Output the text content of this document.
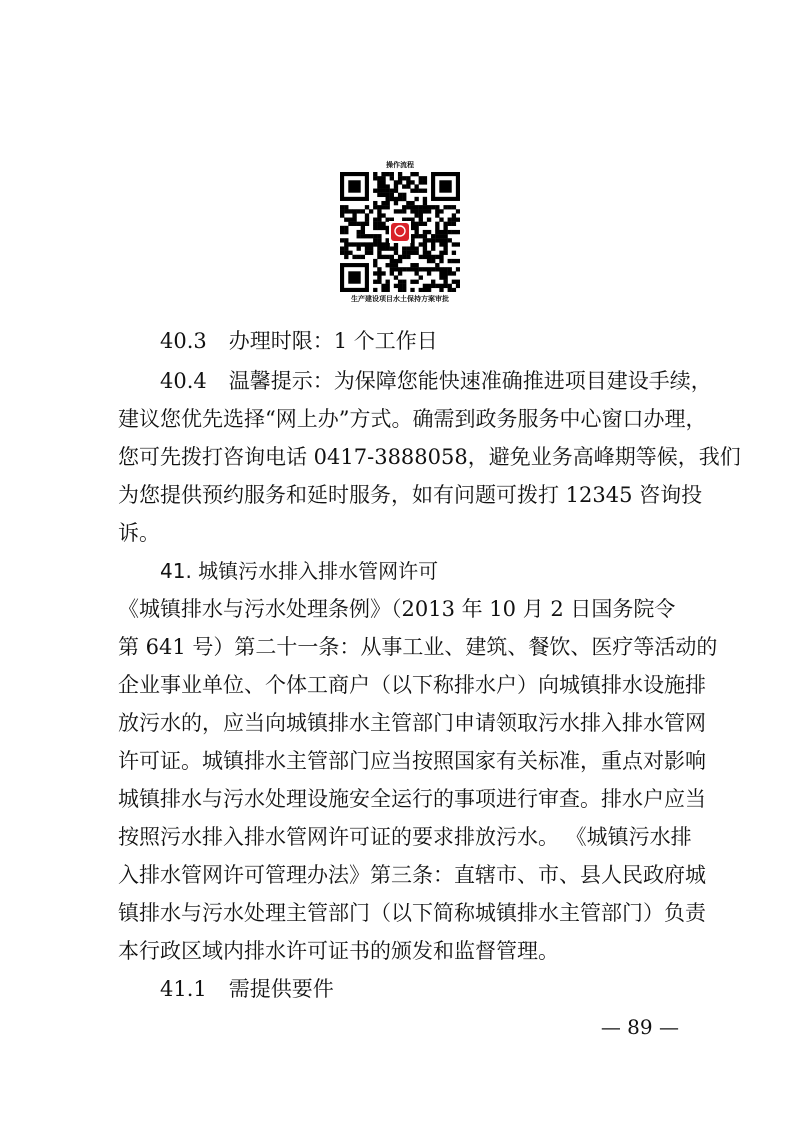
操作流程
生产建设项目水土保持方案审批
40.3 办理时限：1 个工作日
40.4 温馨提示：为保障您能快速准确推进项目建设手续，
建议您优先选择“网上办”方式。确需到政务服务中心窗口办理，
您可先拨打咨询电话 0417-3888058，避免业务高峰期等候，我们
为您提供预约服务和延时服务，如有问题可拨打 12345 咨询投
诉。
41. 城镇污水排入排水管网许可
《城镇排水与污水处理条例》（2013 年 10 月 2 日国务院令
第 641 号）第二十一条：从事工业、建筑、餐饮、医疗等活动的
企业事业单位、个体工商户（以下称排水户）向城镇排水设施排
放污水的，应当向城镇排水主管部门申请领取污水排入排水管网
许可证。城镇排水主管部门应当按照国家有关标准，重点对影响
城镇排水与污水处理设施安全运行的事项进行审查。排水户应当
按照污水排入排水管网许可证的要求排放污水。 《城镇污水排
入排水管网许可管理办法》第三条：直辖市、市、县人民政府城
镇排水与污水处理主管部门（以下简称城镇排水主管部门）负责
本行政区域内排水许可证书的颁发和监督管理。
41.1 需提供要件
— 89 —
